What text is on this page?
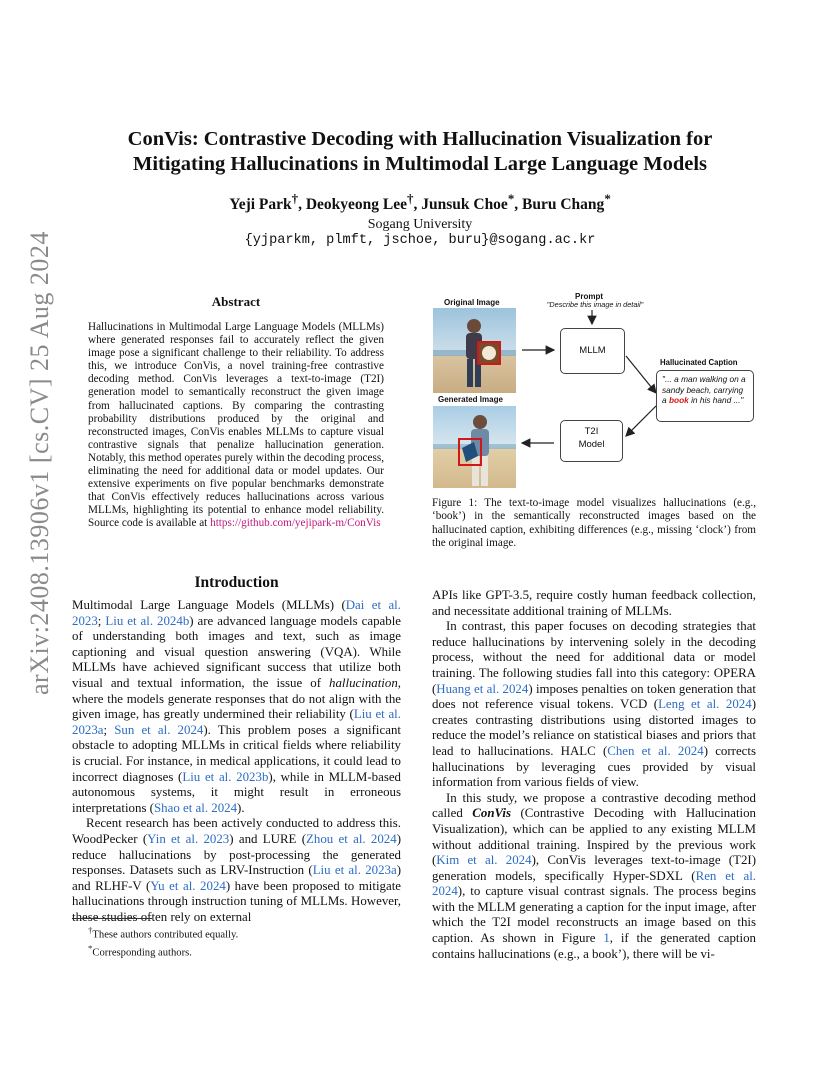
arXiv:2408.13906v1 [cs.CV] 25 Aug 2024
ConVis: Contrastive Decoding with Hallucination Visualization for
Mitigating Hallucinations in Multimodal Large Language Models
Yeji Park†, Deokyeong Lee†, Junsuk Choe*, Buru Chang*
Sogang University
{yjparkm, plmft, jschoe, buru}@sogang.ac.kr
Abstract
Hallucinations in Multimodal Large Language Models (MLLMs) where generated responses fail to accurately reflect the given image pose a significant challenge to their reliability. To address this, we introduce ConVis, a novel training-free contrastive decoding method. ConVis leverages a text-to-image (T2I) generation model to semantically reconstruct the given image from hallucinated captions. By comparing the contrasting probability distributions produced by the original and reconstructed images, ConVis enables MLLMs to capture visual contrastive signals that penalize hallucination generation. Notably, this method operates purely within the decoding process, eliminating the need for additional data or model updates. Our extensive experiments on five popular benchmarks demonstrate that ConVis effectively reduces hallucinations across various MLLMs, highlighting its potential to enhance model reliability. Source code is available at https://github.com/yejipark-m/ConVis
Prompt
"Describe this image in detail"
Original Image
Generated Image
MLLM
T2I
Model
Hallucinated Caption
"... a man walking on a sandy beach, carrying a book in his hand ..."
Figure 1: The text-to-image model visualizes hallucinations (e.g., ‘book’) in the semantically reconstructed images based on the hallucinated caption, exhibiting differences (e.g., missing ‘clock’) from the original image.
Introduction

Multimodal Large Language Models (MLLMs) (Dai et al. 2023; Liu et al. 2024b) are advanced language models capable of understanding both images and text, such as image captioning and visual question answering (VQA). While MLLMs have achieved significant success that utilize both visual and textual information, the issue of hallucination, where the models generate responses that do not align with the given image, has greatly undermined their reliability (Liu et al. 2023a; Sun et al. 2024). This problem poses a significant obstacle to adopting MLLMs in critical fields where reliability is crucial. For instance, in medical applications, it could lead to incorrect diagnoses (Liu et al. 2023b), while in MLLM-based autonomous systems, it might result in erroneous interpretations (Shao et al. 2024).

Recent research has been actively conducted to address this. WoodPecker (Yin et al. 2023) and LURE (Zhou et al. 2024) reduce hallucinations by post-processing the generated responses. Datasets such as LRV-Instruction (Liu et al. 2023a) and RLHF-V (Yu et al. 2024) have been proposed to mitigate hallucinations through instruction tuning of MLLMs. However, these studies often rely on external

†These authors contributed equally.
*Corresponding authors.

APIs like GPT-3.5, require costly human feedback collection, and necessitate additional training of MLLMs.

In contrast, this paper focuses on decoding strategies that reduce hallucinations by intervening solely in the decoding process, without the need for additional data or model training. The following studies fall into this category: OPERA (Huang et al. 2024) imposes penalties on token generation that does not reference visual tokens. VCD (Leng et al. 2024) creates contrasting distributions using distorted images to reduce the model’s reliance on statistical biases and priors that lead to hallucinations. HALC (Chen et al. 2024) corrects hallucinations by leveraging cues provided by visual information from various fields of view.

In this study, we propose a contrastive decoding method called ConVis (Contrastive Decoding with Hallucination Visualization), which can be applied to any existing MLLM without additional training. Inspired by the previous work (Kim et al. 2024), ConVis leverages text-to-image (T2I) generation models, specifically Hyper-SDXL (Ren et al. 2024), to capture visual contrast signals. The process begins with the MLLM generating a caption for the input image, after which the T2I model reconstructs an image based on this caption. As shown in Figure 1, if the generated caption contains hallucinations (e.g., a book’), there will be vi-
